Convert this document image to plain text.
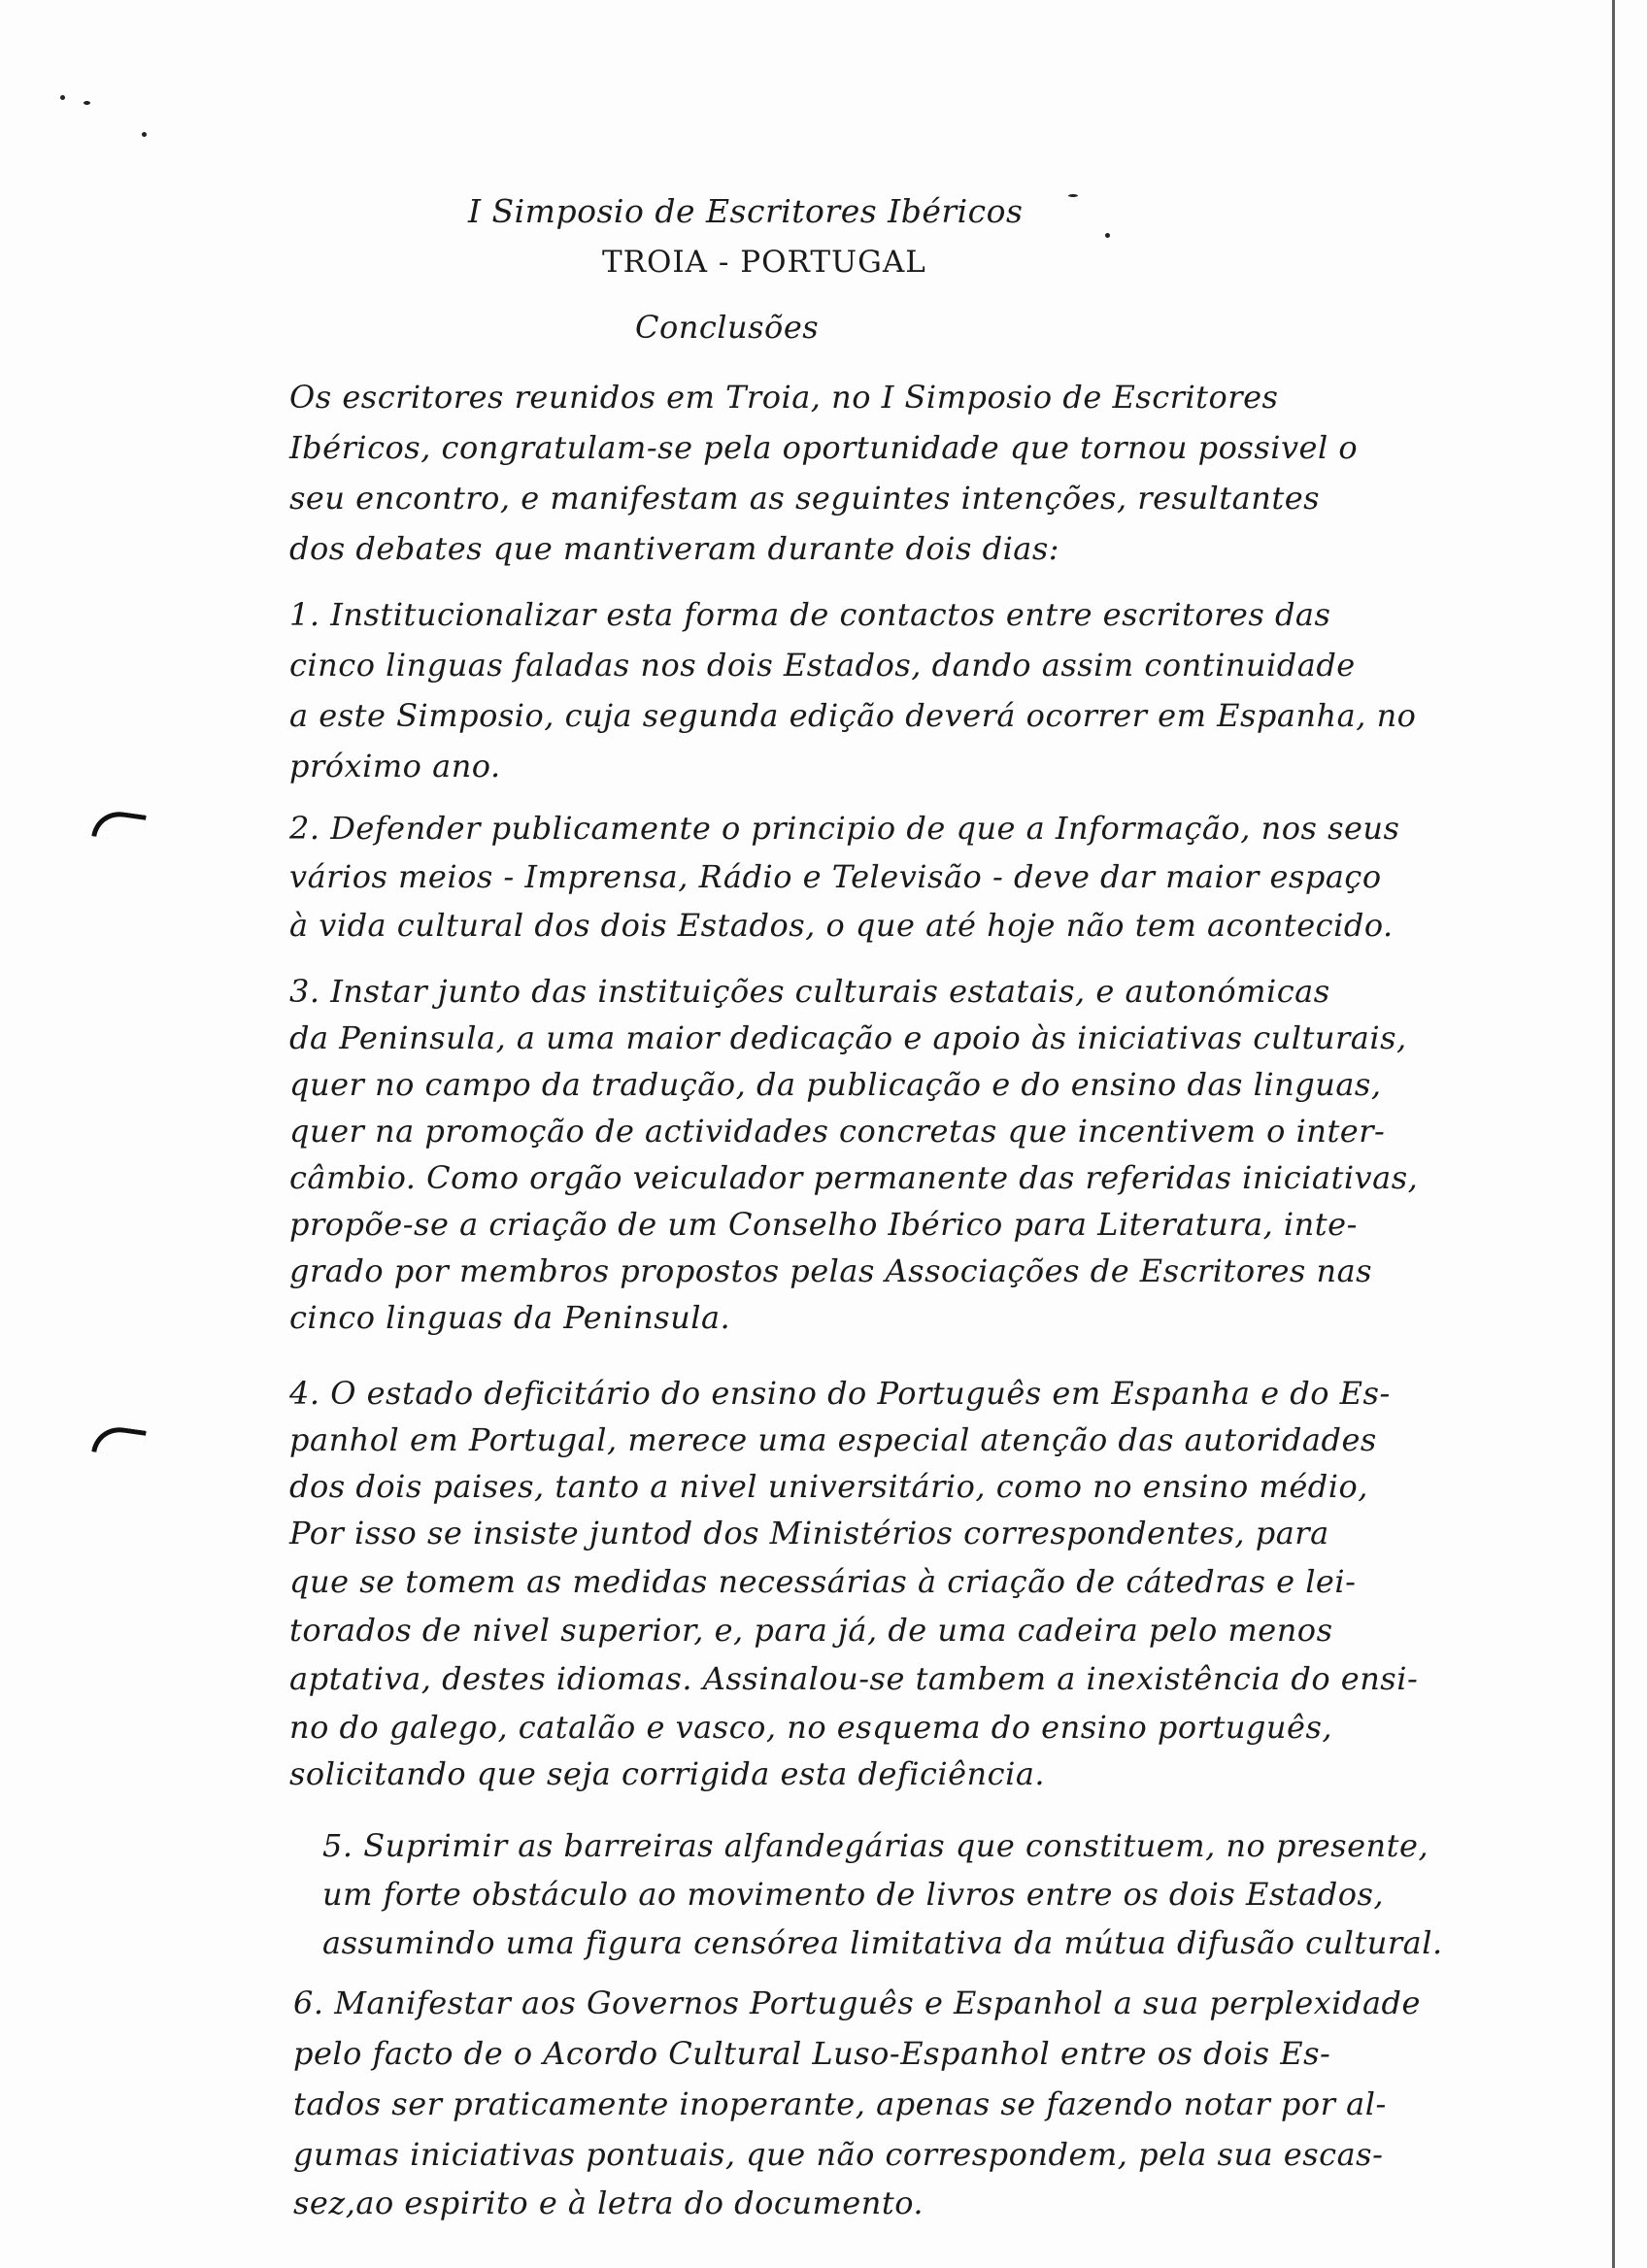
I Simposio de Escritores Ibéricos
TROIA - PORTUGAL
Conclusões
Os escritores reunidos em Troia, no I Simposio de Escritores
Ibéricos, congratulam-se pela oportunidade que tornou possivel o
seu encontro, e manifestam as seguintes intenções, resultantes
dos debates que mantiveram durante dois dias:
1. Institucionalizar esta forma de contactos entre escritores das
cinco linguas faladas nos dois Estados, dando assim continuidade
a este Simposio, cuja segunda edição deverá ocorrer em Espanha, no
próximo ano.
2. Defender publicamente o principio de que a Informação, nos seus
vários meios - Imprensa, Rádio e Televisão - deve dar maior espaço
à vida cultural dos dois Estados, o que até hoje não tem acontecido.
3. Instar junto das instituições culturais estatais, e autonómicas
da Peninsula, a uma maior dedicação e apoio às iniciativas culturais,
quer no campo da tradução, da publicação e do ensino das linguas,
quer na promoção de actividades concretas que incentivem o inter-
câmbio. Como orgão veiculador permanente das referidas iniciativas,
propõe-se a criação de um Conselho Ibérico para Literatura, inte-
grado por membros propostos pelas Associações de Escritores nas
cinco linguas da Peninsula.
4. O estado deficitário do ensino do Português em Espanha e do Es-
panhol em Portugal, merece uma especial atenção das autoridades
dos dois paises, tanto a nivel universitário, como no ensino médio,
Por isso se insiste juntod dos Ministérios correspondentes, para
que se tomem as medidas necessárias à criação de cátedras e lei-
torados de nivel superior, e, para já, de uma cadeira pelo menos
aptativa, destes idiomas. Assinalou-se tambem a inexistência do ensi-
no do galego, catalão e vasco, no esquema do ensino português,
solicitando que seja corrigida esta deficiência.
5. Suprimir as barreiras alfandegárias que constituem, no presente,
um forte obstáculo ao movimento de livros entre os dois Estados,
assumindo uma figura censórea limitativa da mútua difusão cultural.
6. Manifestar aos Governos Português e Espanhol a sua perplexidade
pelo facto de o Acordo Cultural Luso-Espanhol entre os dois Es-
tados ser praticamente inoperante, apenas se fazendo notar por al-
gumas iniciativas pontuais, que não correspondem, pela sua escas-
sez,ao espirito e à letra do documento.
